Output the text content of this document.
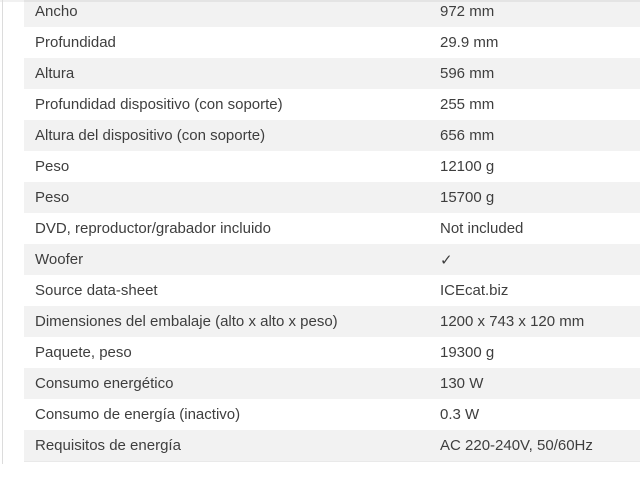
Ancho	972 mm
Profundidad	29.9 mm
Altura	596 mm
Profundidad dispositivo (con soporte)	255 mm
Altura del dispositivo (con soporte)	656 mm
Peso	12100 g
Peso	15700 g
DVD, reproductor/grabador incluido	Not included
Woofer	✓
Source data-sheet	ICEcat.biz
Dimensiones del embalaje (alto x alto x peso)	1200 x 743 x 120 mm
Paquete, peso	19300 g
Consumo energético	130 W
Consumo de energía (inactivo)	0.3 W
Requisitos de energía	AC 220-240V, 50/60Hz
